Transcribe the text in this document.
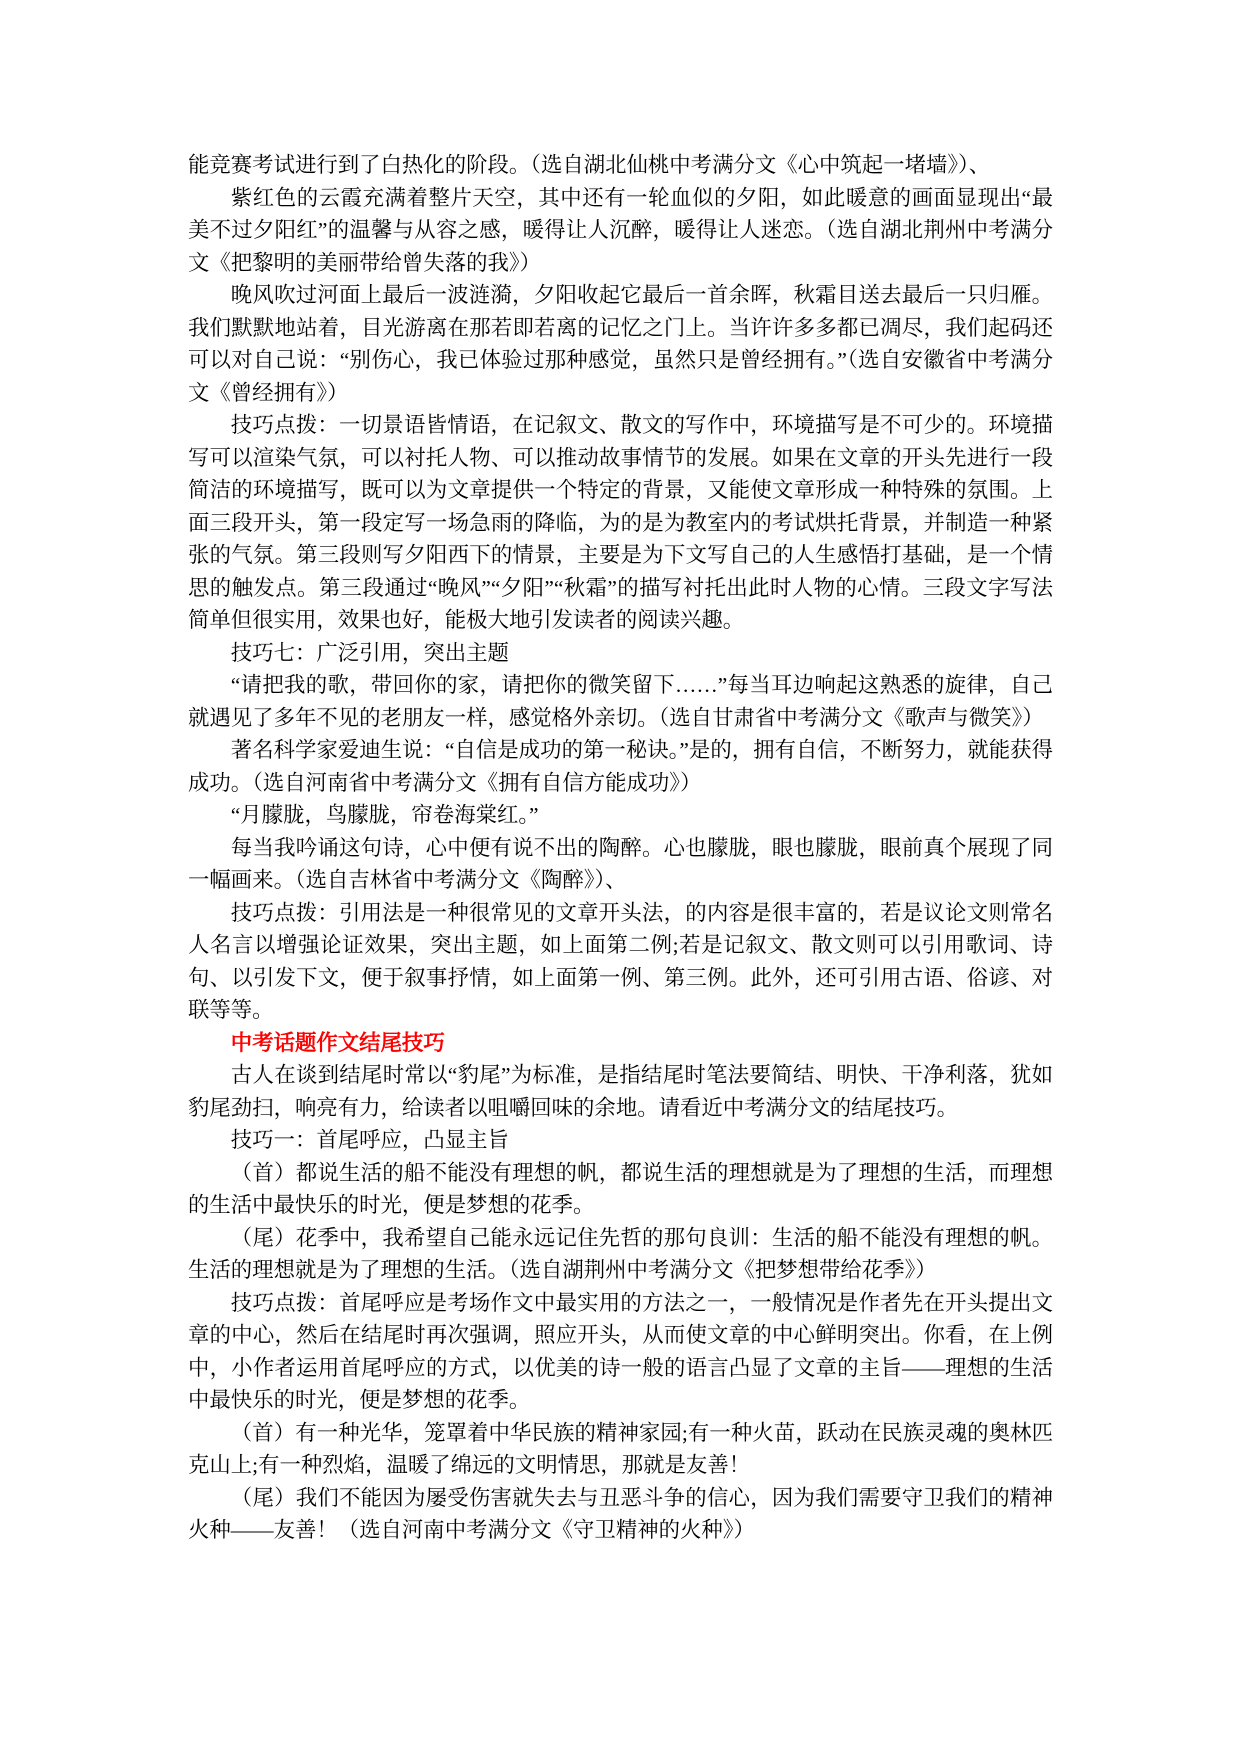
能竞赛考试进行到了白热化的阶段。（选自湖北仙桃中考满分文《心中筑起一堵墙》）、

紫红色的云霞充满着整片天空，其中还有一轮血似的夕阳，如此暖意的画面显现出“最美不过夕阳红”的温馨与从容之感，暖得让人沉醉，暖得让人迷恋。（选自湖北荆州中考满分文《把黎明的美丽带给曾失落的我》）

晚风吹过河面上最后一波涟漪，夕阳收起它最后一首余晖，秋霜目送去最后一只归雁。我们默默地站着，目光游离在那若即若离的记忆之门上。当许许多多都已凋尽，我们起码还可以对自己说：“别伤心，我已体验过那种感觉，虽然只是曾经拥有。”（选自安徽省中考满分文《曾经拥有》）

技巧点拨：一切景语皆情语，在记叙文、散文的写作中，环境描写是不可少的。环境描写可以渲染气氛，可以衬托人物、可以推动故事情节的发展。如果在文章的开头先进行一段简洁的环境描写，既可以为文章提供一个特定的背景，又能使文章形成一种特殊的氛围。上面三段开头，第一段定写一场急雨的降临，为的是为教室内的考试烘托背景，并制造一种紧张的气氛。第三段则写夕阳西下的情景，主要是为下文写自己的人生感悟打基础，是一个情思的触发点。第三段通过“晚风”“夕阳”“秋霜”的描写衬托出此时人物的心情。三段文字写法简单但很实用，效果也好，能极大地引发读者的阅读兴趣。

技巧七：广泛引用，突出主题

“请把我的歌，带回你的家，请把你的微笑留下……”每当耳边响起这熟悉的旋律，自己就遇见了多年不见的老朋友一样，感觉格外亲切。（选自甘肃省中考满分文《歌声与微笑》）

著名科学家爱迪生说：“自信是成功的第一秘诀。”是的，拥有自信，不断努力，就能获得成功。（选自河南省中考满分文《拥有自信方能成功》）

“月朦胧，鸟朦胧，帘卷海棠红。”

每当我吟诵这句诗，心中便有说不出的陶醉。心也朦胧，眼也朦胧，眼前真个展现了同一幅画来。（选自吉林省中考满分文《陶醉》）、

技巧点拨：引用法是一种很常见的文章开头法，的内容是很丰富的，若是议论文则常名人名言以增强论证效果，突出主题，如上面第二例;若是记叙文、散文则可以引用歌词、诗句、以引发下文，便于叙事抒情，如上面第一例、第三例。此外，还可引用古语、俗谚、对联等等。

中考话题作文结尾技巧

古人在谈到结尾时常以“豹尾”为标准，是指结尾时笔法要简结、明快、干净利落，犹如豹尾劲扫，响亮有力，给读者以咀嚼回味的余地。请看近中考满分文的结尾技巧。

技巧一：首尾呼应，凸显主旨

（首）都说生活的船不能没有理想的帆，都说生活的理想就是为了理想的生活，而理想的生活中最快乐的时光，便是梦想的花季。

（尾）花季中，我希望自己能永远记住先哲的那句良训：生活的船不能没有理想的帆。生活的理想就是为了理想的生活。（选自湖荆州中考满分文《把梦想带给花季》）

技巧点拨：首尾呼应是考场作文中最实用的方法之一，一般情况是作者先在开头提出文章的中心，然后在结尾时再次强调，照应开头，从而使文章的中心鲜明突出。你看，在上例中，小作者运用首尾呼应的方式，以优美的诗一般的语言凸显了文章的主旨——理想的生活中最快乐的时光，便是梦想的花季。

（首）有一种光华，笼罩着中华民族的精神家园;有一种火苗，跃动在民族灵魂的奥林匹克山上;有一种烈焰，温暖了绵远的文明情思，那就是友善！

（尾）我们不能因为屡受伤害就失去与丑恶斗争的信心，因为我们需要守卫我们的精神火种——友善！（选自河南中考满分文《守卫精神的火种》）
